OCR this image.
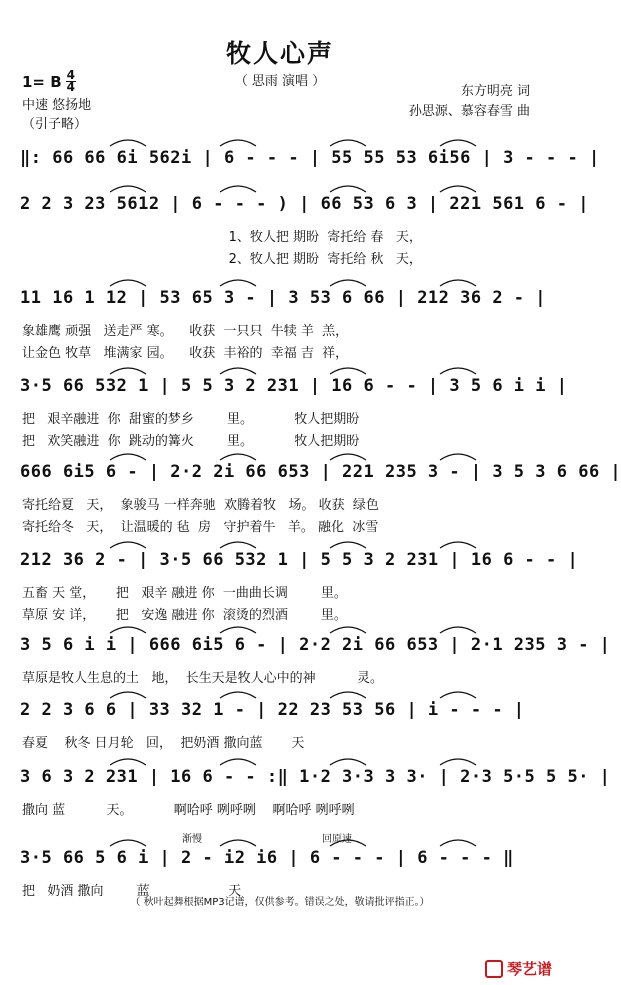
牧人心声
（ 思雨 演唱 ）
1= B 4
4
中速 悠扬地
（引子略）
东方明亮 词
孙思源、慕容春雪 曲
‖: 66 66 6i 562i | 6 - - - | 55 55 53 6i56 | 3 - - - |
2 2 3 23 5612 | 6 - - - ) | 66 53 6 3 | 221 561 6 - |
1、牧人把 期盼  寄托给 春   天，
2、牧人把 期盼  寄托给 秋   天，
11 16 1 12 | 53 65 3 - | 3 53 6 66 | 212 36 2 - |
象雄鹰 顽强   送走严 寒。    收获  一只只  牛犊 羊  羔，
让金色 牧草   堆满家 园。    收获  丰裕的  幸福 吉  祥，
3·5 66 532 1 | 5 5 3 2 231 | 16 6 - - | 3 5 6 i i |
把   艰辛融进  你  甜蜜的梦乡        里。          牧人把期盼
把   欢笑融进  你  跳动的篝火        里。          牧人把期盼
666 6i5 6 - | 2·2 2i 66 653 | 221 235 3 - | 3 5 3 6 66 |
寄托给夏   天，  象骏马 一样奔驰  欢腾着牧   场。 收获  绿色
寄托给冬   天，  让温暖的 毡  房   守护着牛   羊。 融化  冰雪
212 36 2 - | 3·5 66 532 1 | 5 5 3 2 231 | 16 6 - - |
五畜 天 堂，     把   艰辛 融进 你  一曲曲长调        里。
草原 安 详，     把   安逸 融进 你  滚烫的烈酒        里。
3 5 6 i i | 666 6i5 6 - | 2·2 2i 66 653 | 2·1 235 3 - |
草原是牧人生息的土   地，  长生天是牧人心中的神          灵。
2 2 3 6 6 | 33 32 1 - | 22 23 53 56 | i - - - |
春夏    秋冬 日月轮   回，  把奶酒 撒向蓝       天
3 6 3 2 231 | 16 6 - - :‖ 1·2 3·3 3 3· | 2·3 5·5 5 5· |
撒向 蓝          天。          啊哈呼 咧呼咧    啊哈呼 咧呼咧
3·5 66 5 6 i | 2 - i2 i6 | 6 - - - | 6 - - - ‖
把   奶酒 撒向        蓝                   天
渐慢	回原速
（ 秋叶起舞根据MP3记谱，仅供参考。错误之处，敬请批评指正。）
琴艺谱
